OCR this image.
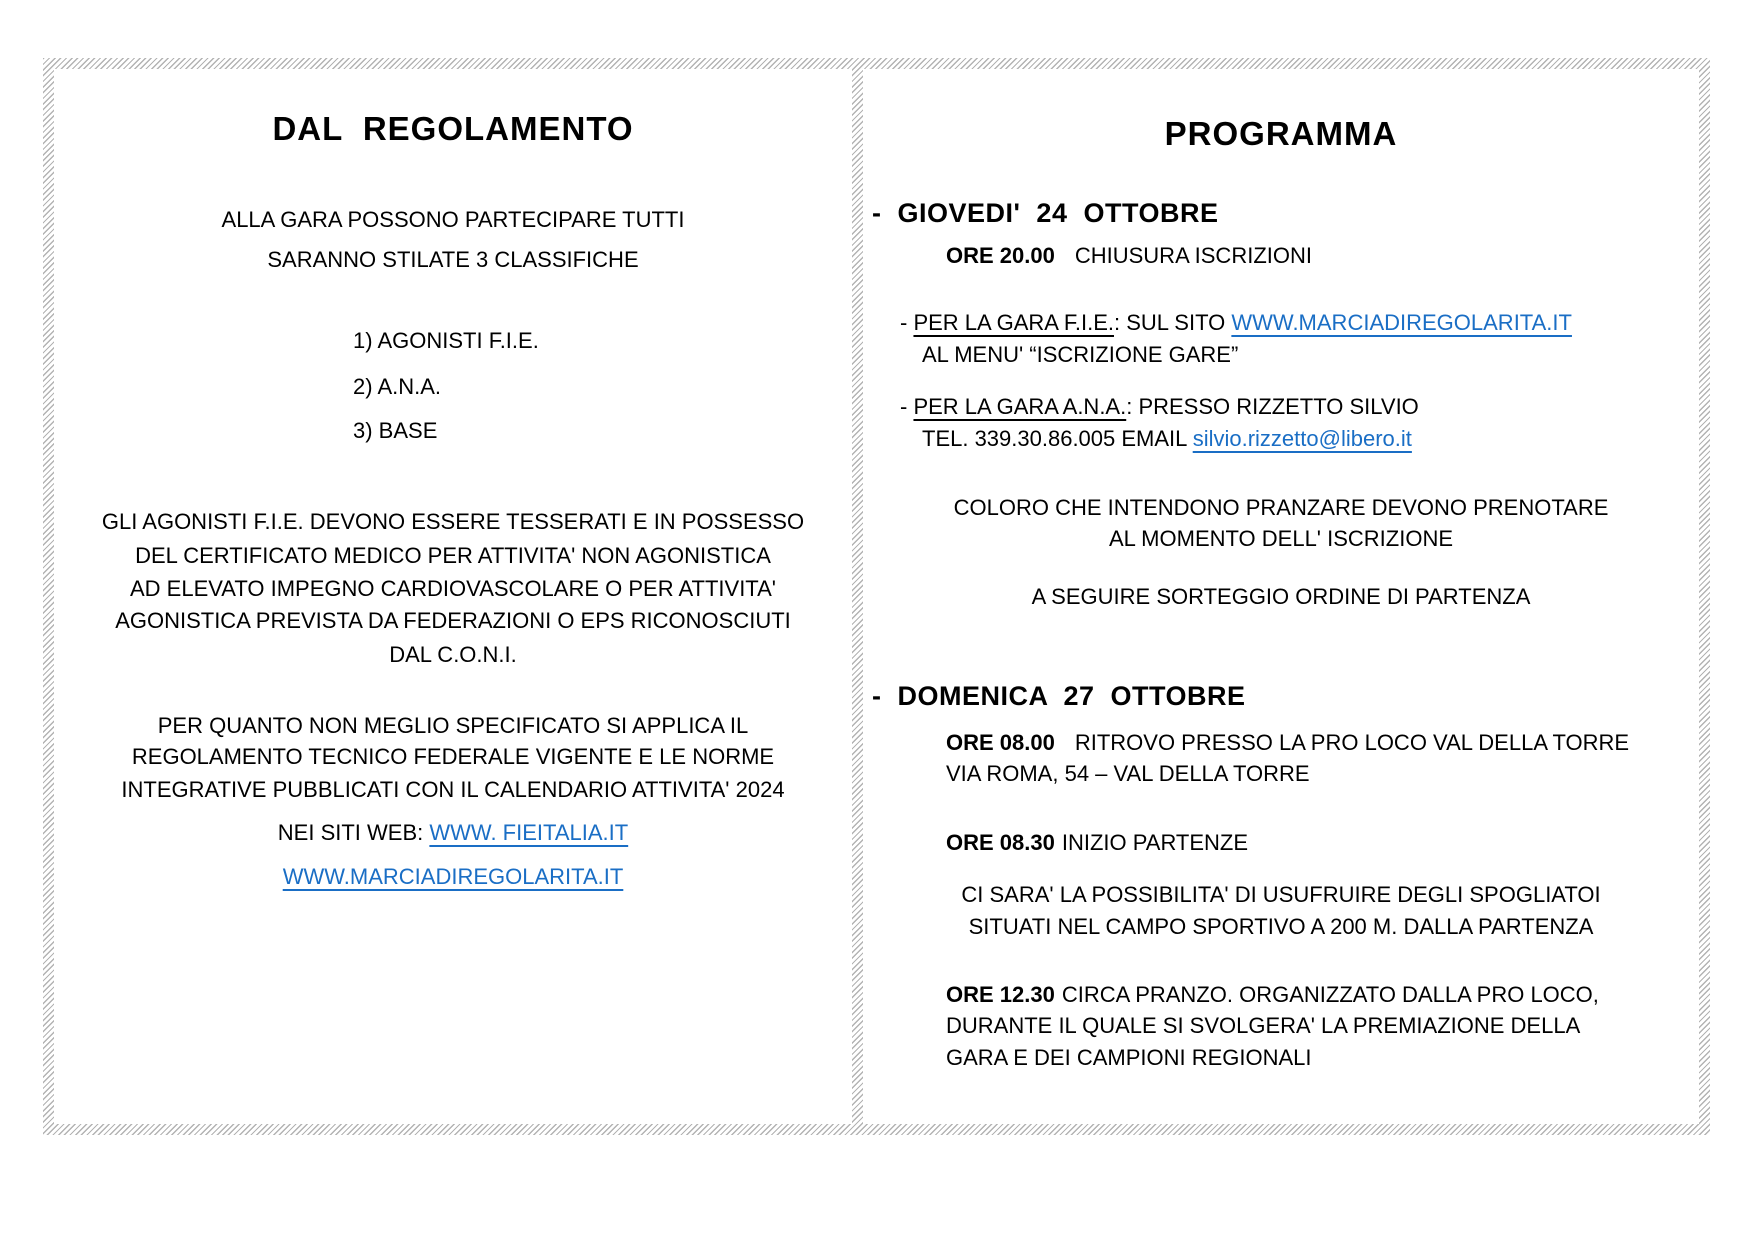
DAL REGOLAMENTO
ALLA GARA POSSONO PARTECIPARE TUTTI
SARANNO STILATE 3 CLASSIFICHE
1) AGONISTI F.I.E.
2) A.N.A.
3) BASE
GLI AGONISTI F.I.E. DEVONO ESSERE TESSERATI E IN POSSESSO
DEL CERTIFICATO MEDICO PER ATTIVITA' NON AGONISTICA
AD ELEVATO IMPEGNO CARDIOVASCOLARE O PER ATTIVITA'
AGONISTICA PREVISTA DA FEDERAZIONI O EPS RICONOSCIUTI
DAL C.O.N.I.
PER QUANTO NON MEGLIO SPECIFICATO SI APPLICA IL
REGOLAMENTO TECNICO FEDERALE VIGENTE E LE NORME
INTEGRATIVE PUBBLICATI CON IL CALENDARIO ATTIVITA' 2024
NEI SITI WEB: WWW. FIEITALIA.IT
WWW.MARCIADIREGOLARITA.IT
PROGRAMMA
- GIOVEDI' 24 OTTOBRE
ORE 20.00 CHIUSURA ISCRIZIONI
- PER LA GARA F.I.E.: SUL SITO WWW.MARCIADIREGOLARITA.IT
AL MENU' “ISCRIZIONE GARE”
- PER LA GARA A.N.A.: PRESSO RIZZETTO SILVIO
TEL. 339.30.86.005 EMAIL silvio.rizzetto@libero.it
COLORO CHE INTENDONO PRANZARE DEVONO PRENOTARE
AL MOMENTO DELL' ISCRIZIONE
A SEGUIRE SORTEGGIO ORDINE DI PARTENZA
- DOMENICA 27 OTTOBRE
ORE 08.00 RITROVO PRESSO LA PRO LOCO VAL DELLA TORRE
VIA ROMA, 54 – VAL DELLA TORRE
ORE 08.30 INIZIO PARTENZE
CI SARA' LA POSSIBILITA' DI USUFRUIRE DEGLI SPOGLIATOI
SITUATI NEL CAMPO SPORTIVO A 200 M. DALLA PARTENZA
ORE 12.30 CIRCA PRANZO. ORGANIZZATO DALLA PRO LOCO,
DURANTE IL QUALE SI SVOLGERA' LA PREMIAZIONE DELLA
GARA E DEI CAMPIONI REGIONALI
